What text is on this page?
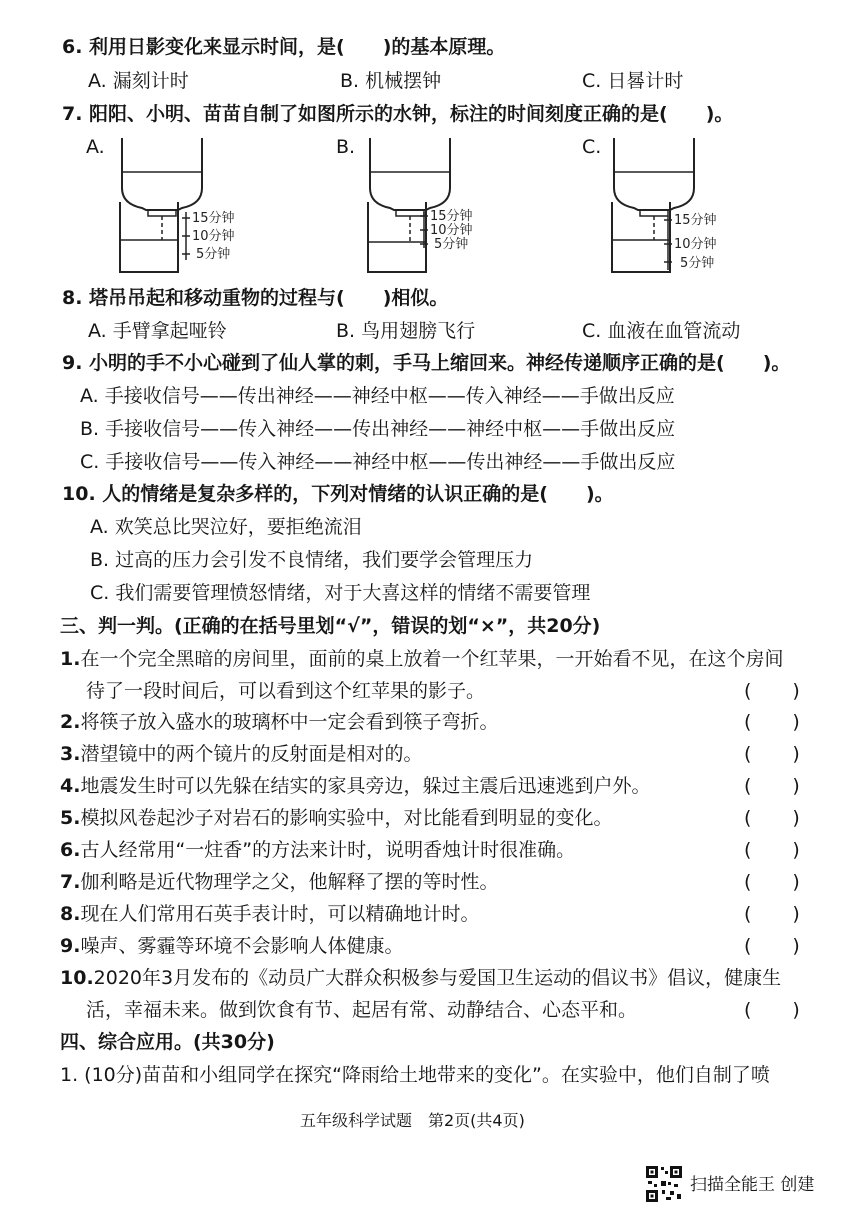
6. 利用日影变化来显示时间，是(　　)的基本原理。
A. 漏刻计时	B. 机械摆钟	C. 日晷计时
7. 阳阳、小明、苗苗自制了如图所示的水钟，标注的时间刻度正确的是(　　)。
A.
15分钟
10分钟
5分钟
B.
15分钟
10分钟
5分钟
C.
15分钟
10分钟
5分钟
8. 塔吊吊起和移动重物的过程与(　　)相似。
A. 手臂拿起哑铃	B. 鸟用翅膀飞行	C. 血液在血管流动
9. 小明的手不小心碰到了仙人掌的刺，手马上缩回来。神经传递顺序正确的是(　　)。
A. 手接收信号——传出神经——神经中枢——传入神经——手做出反应
B. 手接收信号——传入神经——传出神经——神经中枢——手做出反应
C. 手接收信号——传入神经——神经中枢——传出神经——手做出反应
10. 人的情绪是复杂多样的，下列对情绪的认识正确的是(　　)。
A. 欢笑总比哭泣好，要拒绝流泪
B. 过高的压力会引发不良情绪，我们要学会管理压力
C. 我们需要管理愤怒情绪，对于大喜这样的情绪不需要管理
三、判一判。(正确的在括号里划“√”，错误的划“×”，共20分)
1.在一个完全黑暗的房间里，面前的桌上放着一个红苹果，一开始看不见，在这个房间
待了一段时间后，可以看到这个红苹果的影子。	(　　)
2.将筷子放入盛水的玻璃杯中一定会看到筷子弯折。	(　　)
3.潜望镜中的两个镜片的反射面是相对的。	(　　)
4.地震发生时可以先躲在结实的家具旁边，躲过主震后迅速逃到户外。	(　　)
5.模拟风卷起沙子对岩石的影响实验中，对比能看到明显的变化。	(　　)
6.古人经常用“一炷香”的方法来计时，说明香烛计时很准确。	(　　)
7.伽利略是近代物理学之父，他解释了摆的等时性。	(　　)
8.现在人们常用石英手表计时，可以精确地计时。	(　　)
9.噪声、雾霾等环境不会影响人体健康。	(　　)
10.2020年3月发布的《动员广大群众积极参与爱国卫生运动的倡议书》倡议，健康生
活，幸福未来。做到饮食有节、起居有常、动静结合、心态平和。	(　　)
四、综合应用。(共30分)
1. (10分)苗苗和小组同学在探究“降雨给土地带来的变化”。在实验中，他们自制了喷
五年级科学试题　第2页(共4页)
扫描全能王 创建
